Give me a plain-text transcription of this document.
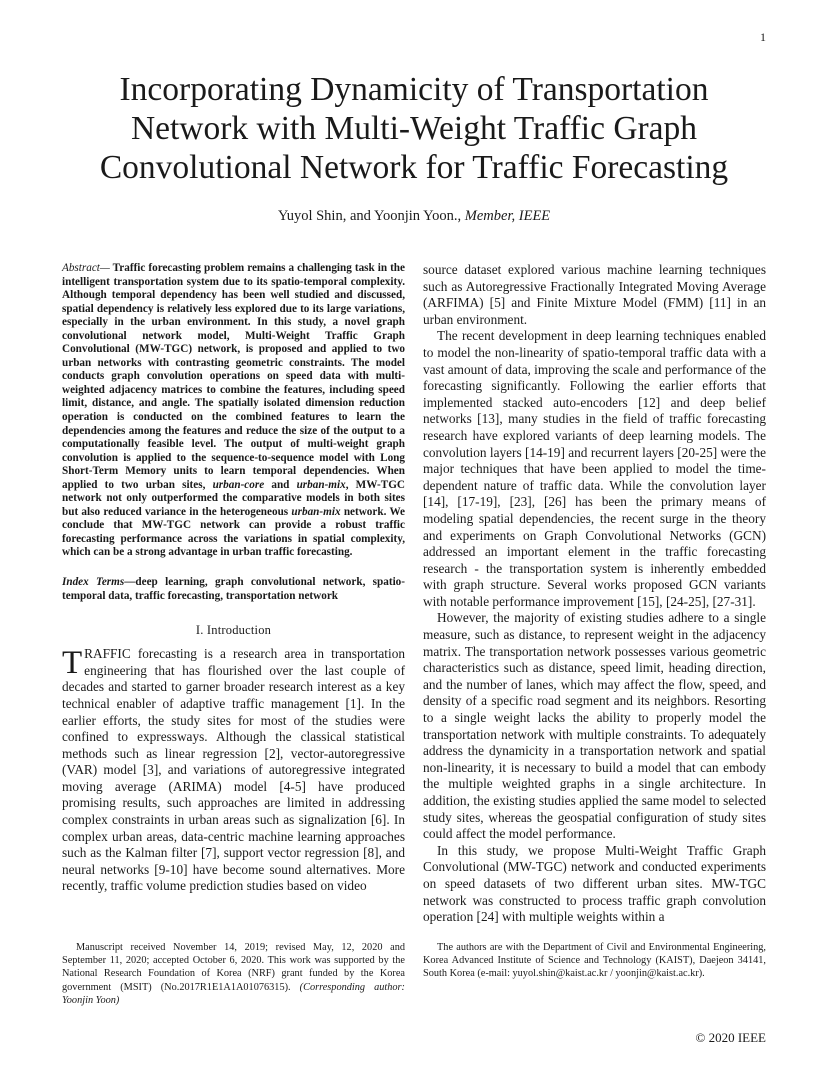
1
Incorporating Dynamicity of Transportation
Network with Multi-Weight Traffic Graph
Convolutional Network for Traffic Forecasting
Yuyol Shin, and Yoonjin Yoon., Member, IEEE

Abstract— Traffic forecasting problem remains a challenging task in the intelligent transportation system due to its spatio-temporal complexity. Although temporal dependency has been well studied and discussed, spatial dependency is relatively less explored due to its large variations, especially in the urban environment. In this study, a novel graph convolutional network model, Multi-Weight Traffic Graph Convolutional (MW-TGC) network, is proposed and applied to two urban networks with contrasting geometric constraints. The model conducts graph convolution operations on speed data with multi-weighted adjacency matrices to combine the features, including speed limit, distance, and angle. The spatially isolated dimension reduction operation is conducted on the combined features to learn the dependencies among the features and reduce the size of the output to a computationally feasible level. The output of multi-weight graph convolution is applied to the sequence-to-sequence model with Long Short-Term Memory units to learn temporal dependencies. When applied to two urban sites, urban-core and urban-mix, MW-TGC network not only outperformed the comparative models in both sites but also reduced variance in the heterogeneous urban-mix network. We conclude that MW-TGC network can provide a robust traffic forecasting performance across the variations in spatial complexity, which can be a strong advantage in urban traffic forecasting.

Index Terms—deep learning, graph convolutional network, spatio-temporal data, traffic forecasting, transportation network

I. Introduction

TRAFFIC forecasting is a research area in transportation engineering that has flourished over the last couple of decades and started to garner broader research interest as a key technical enabler of adaptive traffic management [1]. In the earlier efforts, the study sites for most of the studies were confined to expressways. Although the classical statistical methods such as linear regression [2], vector-autoregressive (VAR) model [3], and variations of autoregressive integrated moving average (ARIMA) model [4-5] have produced promising results, such approaches are limited in addressing complex constraints in urban areas such as signalization [6]. In complex urban areas, data-centric machine learning approaches such as the Kalman filter [7], support vector regression [8], and neural networks [9-10] have become sound alternatives. More recently, traffic volume prediction studies based on video

source dataset explored various machine learning techniques such as Autoregressive Fractionally Integrated Moving Average (ARFIMA) [5] and Finite Mixture Model (FMM) [11] in an urban environment.

The recent development in deep learning techniques enabled to model the non-linearity of spatio-temporal traffic data with a vast amount of data, improving the scale and performance of the forecasting significantly. Following the earlier efforts that implemented stacked auto-encoders [12] and deep belief networks [13], many studies in the field of traffic forecasting research have explored variants of deep learning models. The convolution layers [14-19] and recurrent layers [20-25] were the major techniques that have been applied to model the time-dependent nature of traffic data. While the convolution layer [14], [17-19], [23], [26] has been the primary means of modeling spatial dependencies, the recent surge in the theory and experiments on Graph Convolutional Networks (GCN) addressed an important element in the traffic forecasting research - the transportation system is inherently embedded with graph structure. Several works proposed GCN variants with notable performance improvement [15], [24-25], [27-31].

However, the majority of existing studies adhere to a single measure, such as distance, to represent weight in the adjacency matrix. The transportation network possesses various geometric characteristics such as distance, speed limit, heading direction, and the number of lanes, which may affect the flow, speed, and density of a specific road segment and its neighbors. Resorting to a single weight lacks the ability to properly model the transportation network with multiple constraints. To adequately address the dynamicity in a transportation network and spatial non-linearity, it is necessary to build a model that can embody the multiple weighted graphs in a single architecture. In addition, the existing studies applied the same model to selected study sites, whereas the geospatial configuration of study sites could affect the model performance.

In this study, we propose Multi-Weight Traffic Graph Convolutional (MW-TGC) network and conducted experiments on speed datasets of two different urban sites. MW-TGC network was constructed to process traffic graph convolution operation [24] with multiple weights within a

Manuscript received November 14, 2019; revised May, 12, 2020 and September 11, 2020; accepted October 6, 2020. This work was supported by the National Research Foundation of Korea (NRF) grant funded by the Korea government (MSIT) (No.2017R1E1A1A01076315). (Corresponding author: Yoonjin Yoon)
The authors are with the Department of Civil and Environmental Engineering, Korea Advanced Institute of Science and Technology (KAIST), Daejeon 34141, South Korea (e-mail: yuyol.shin@kaist.ac.kr / yoonjin@kaist.ac.kr).
© 2020 IEEE
